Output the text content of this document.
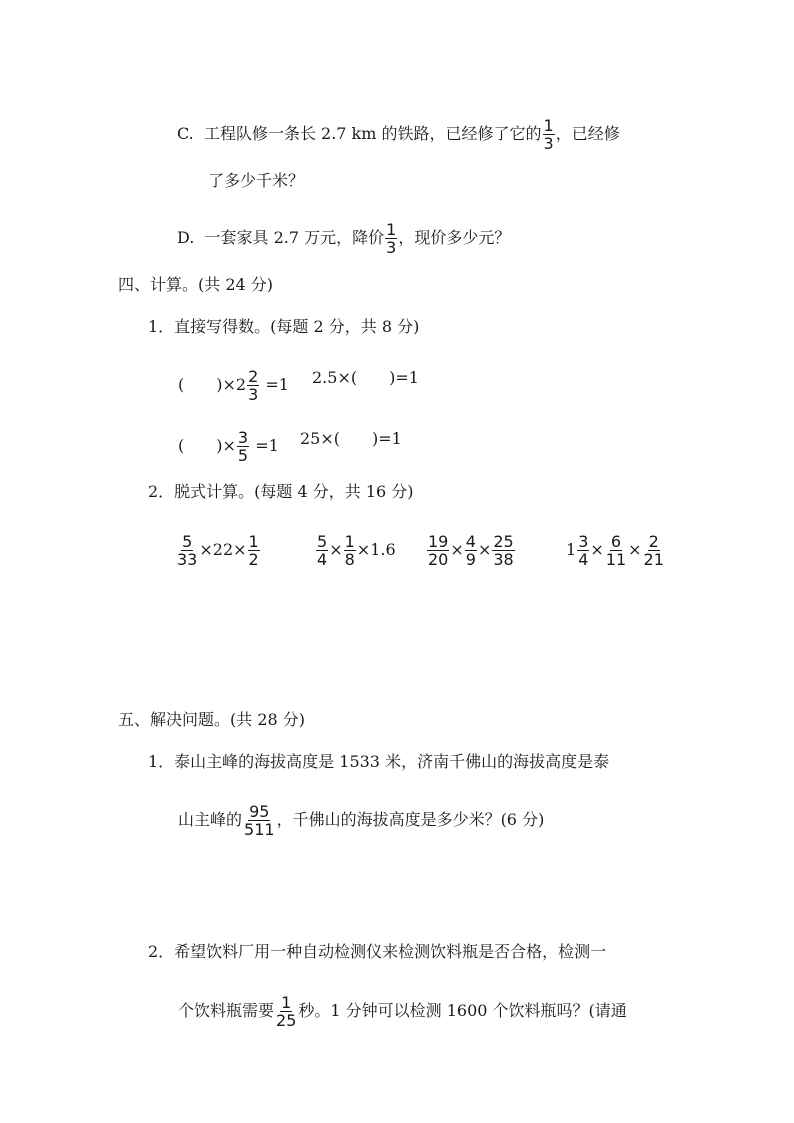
C. 工程队修一条长 2.7 km 的铁路，已经修了它的 $\frac{1}{3}$ ，已经修
了多少千米？
D. 一套家具 2.7 万元，降价 $\frac{1}{3}$ ，现价多少元？
四、计算。(共 24 分)
1．直接写得数。(每题 2 分，共 8 分)
(　　)$\times 2 \frac{2}{3} =1$ 2.5×(　　)=1
(　　)× $\frac{3}{5} =1$ 25×(　　)=1
2．脱式计算。(每题 4 分，共 16 分)
$\frac{5}{33} \times 22\times \frac{1}{2}$	$\frac{5}{4} \times \frac{1}{8} \times 1.6 \frac{19}{20} \times \frac{4}{9} \times \frac{25}{38}$	$1 \frac{3}{4} \times \frac{6}{11} \times \frac{2}{21}$
五、解决问题。(共 28 分)
1．泰山主峰的海拔高度是 1533 米，济南千佛山的海拔高度是泰
山主峰的 $\frac{95}{511}$ ，千佛山的海拔高度是多少米？(6 分)
2．希望饮料厂用一种自动检测仪来检测饮料瓶是否合格，检测一
个饮料瓶需要 $\frac{1}{25}$ 秒。1 分钟可以检测 1600 个饮料瓶吗？(请通
